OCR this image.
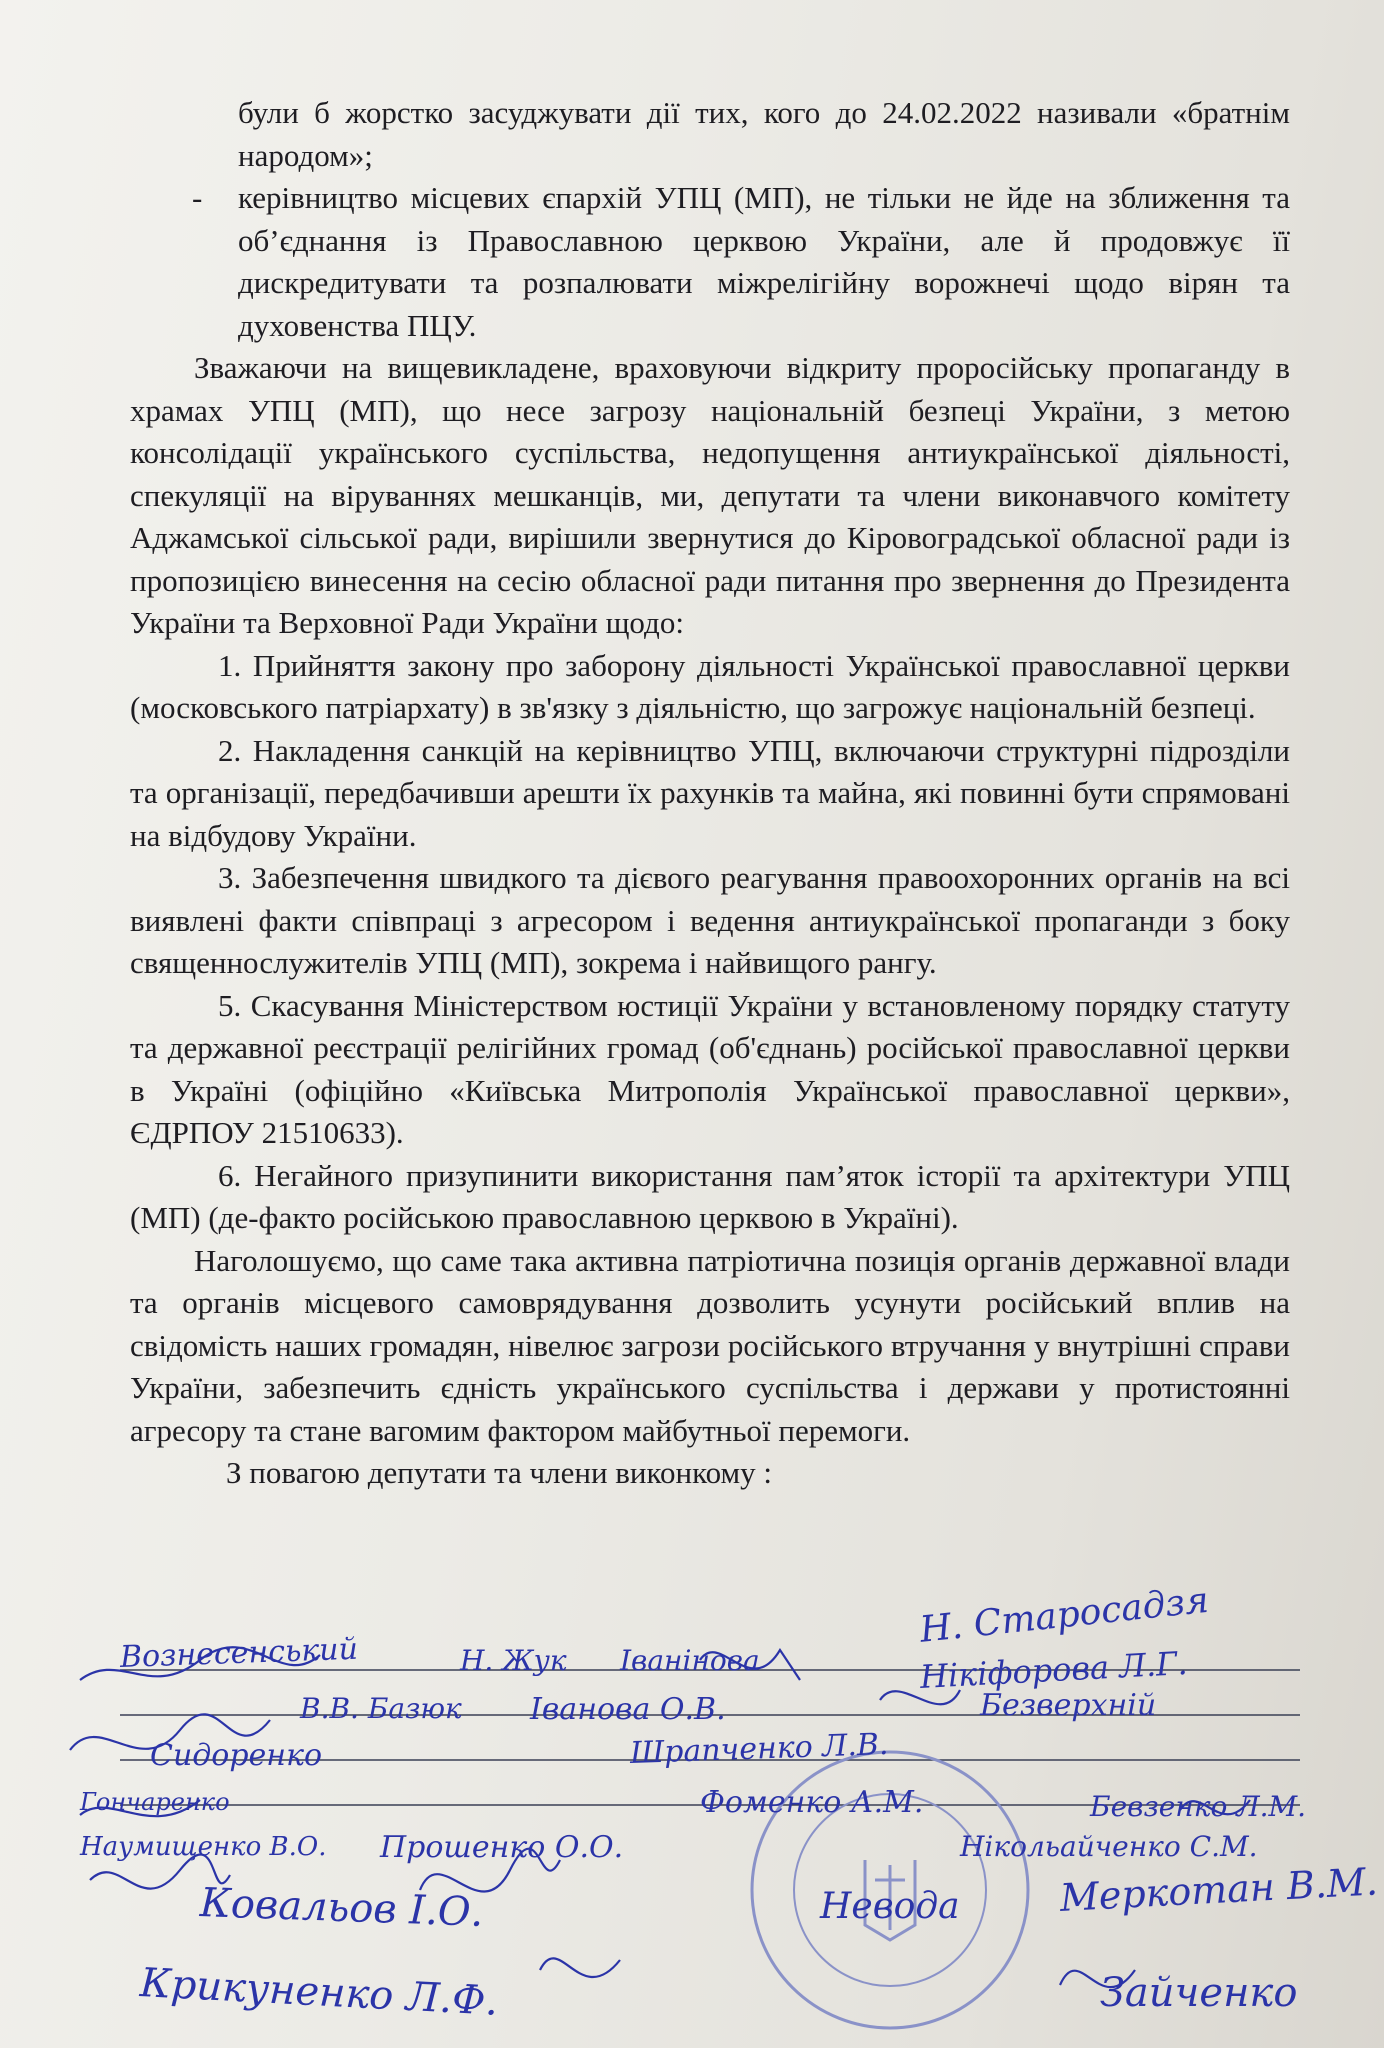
були б жорстко засуджувати дії тих, кого до 24.02.2022 називали «братнім народом»;

- керівництво місцевих єпархій УПЦ (МП), не тільки не йде на зближення та об’єднання із Православною церквою України, але й продовжує її дискредитувати та розпалювати міжрелігійну ворожнечі щодо вірян та духовенства ПЦУ.

Зважаючи на вищевикладене, враховуючи відкриту проросійську пропаганду в храмах УПЦ (МП), що несе загрозу національній безпеці України, з метою консолідації українського суспільства, недопущення антиукраїнської діяльності, спекуляції на віруваннях мешканців, ми, депутати та члени виконавчого комітету Аджамської сільської ради, вирішили звернутися до Кіровоградської обласної ради із пропозицією винесення на сесію обласної ради питання про звернення до Президента України та Верховної Ради України щодо:

1. Прийняття закону про заборону діяльності Української православної церкви (московського патріархату) в зв'язку з діяльністю, що загрожує національній безпеці.

2. Накладення санкцій на керівництво УПЦ, включаючи структурні підрозділи та організації, передбачивши арешти їх рахунків та майна, які повинні бути спрямовані на відбудову України.

3. Забезпечення швидкого та дієвого реагування правоохоронних органів на всі виявлені факти співпраці з агресором і ведення антиукраїнської пропаганди з боку священнослужителів УПЦ (МП), зокрема і найвищого рангу.

5. Скасування Міністерством юстиції України у встановленому порядку статуту та державної реєстрації релігійних громад (об'єднань) російської православної церкви в Україні (офіційно «Київська Митрополія Української православної церкви», ЄДРПОУ 21510633).

6. Негайного призупинити використання пам’яток історії та архітектури УПЦ (МП) (де-факто російською православною церквою в Україні).

Наголошуємо, що саме така активна патріотична позиція органів державної влади та органів місцевого самоврядування дозволить усунути російський вплив на свідомість наших громадян, нівелює загрози російського втручання у внутрішні справи України, забезпечить єдність українського суспільства і держави у протистоянні агресору та стане вагомим фактором майбутньої перемоги.

З повагою депутати та члени виконкому :

Н. Старосадзя
Вознесенський	Н. Жук Іванінова	Нікіфорова Л.Г.
В.В. Базюк Іванова О.В.	Безверхній
Сидоренко	Шрапченко Л.В.
Гончаренко	Фоменко А.М.	Бевзенко Л.М.
Наумищенко В.О. Прошенко О.О.	Нікольайченко С.М.
Ковальов І.О.	Невода	Меркотан В.М.
Крикуненко Л.Ф.	Зайченко
